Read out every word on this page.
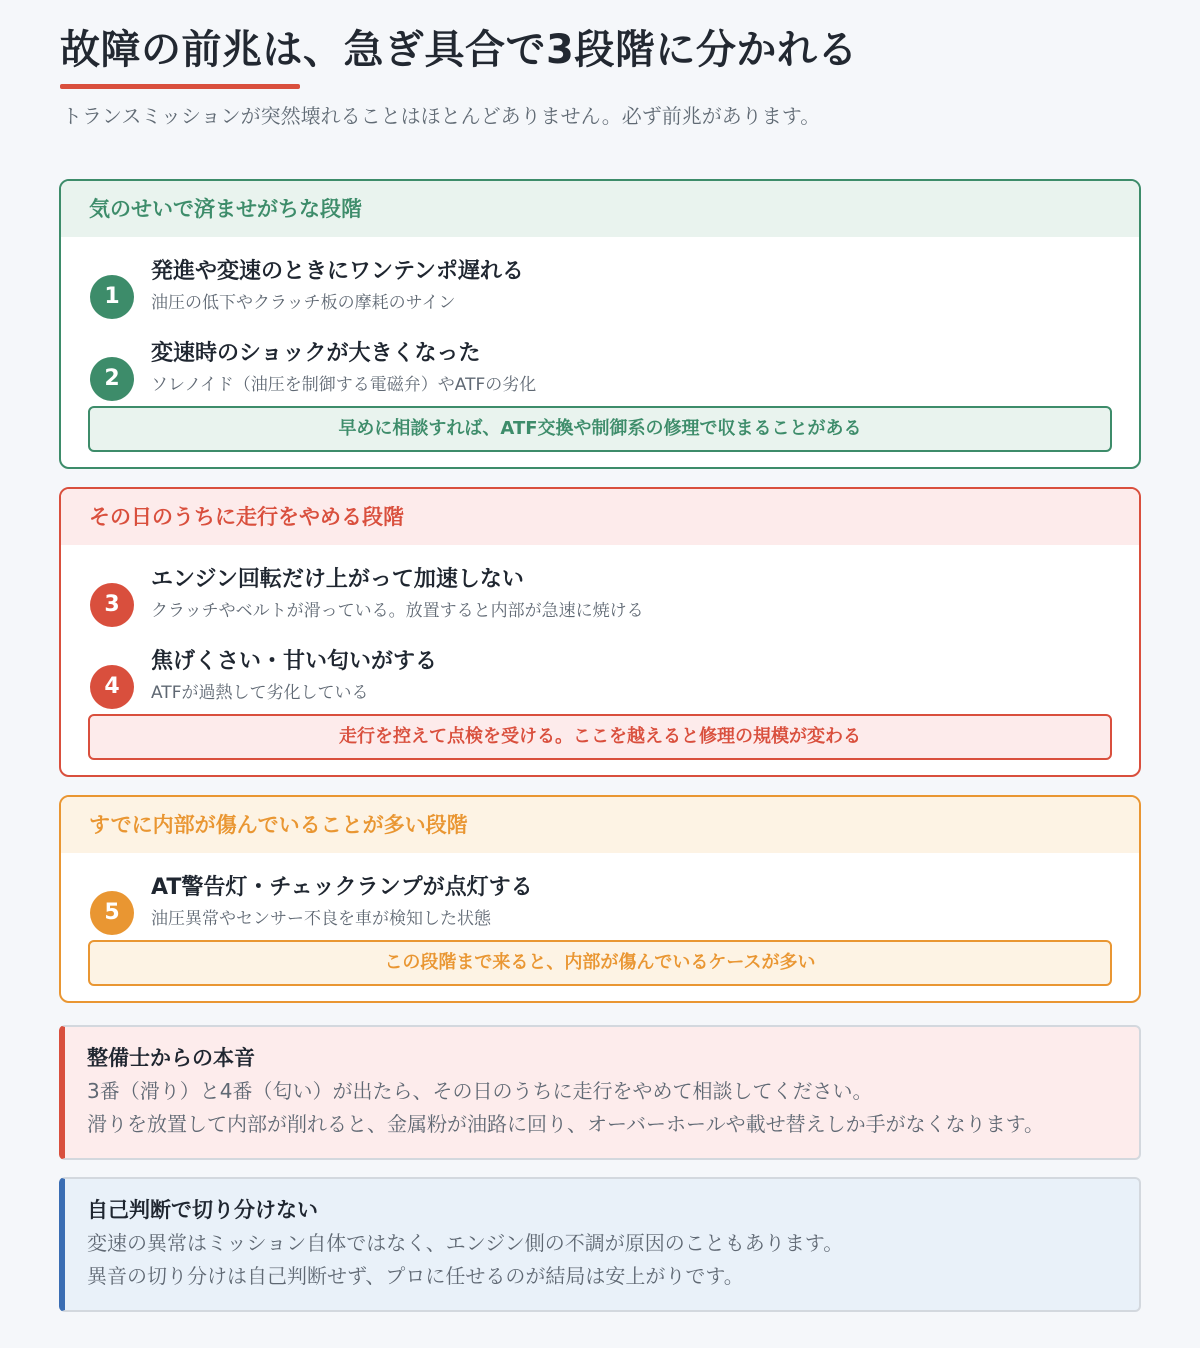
故障の前兆は、急ぎ具合で3段階に分かれる

トランスミッションが突然壊れることはほとんどありません。必ず前兆があります。

気のせいで済ませがちな段階
1
発進や変速のときにワンテンポ遅れる
油圧の低下やクラッチ板の摩耗のサイン
2
変速時のショックが大きくなった
ソレノイド（油圧を制御する電磁弁）やATFの劣化
早めに相談すれば、ATF交換や制御系の修理で収まることがある
その日のうちに走行をやめる段階
3
エンジン回転だけ上がって加速しない
クラッチやベルトが滑っている。放置すると内部が急速に焼ける
4
焦げくさい・甘い匂いがする
ATFが過熱して劣化している
走行を控えて点検を受ける。ここを越えると修理の規模が変わる
すでに内部が傷んでいることが多い段階
5
AT警告灯・チェックランプが点灯する
油圧異常やセンサー不良を車が検知した状態
この段階まで来ると、内部が傷んでいるケースが多い
整備士からの本音
3番（滑り）と4番（匂い）が出たら、その日のうちに走行をやめて相談してください。
滑りを放置して内部が削れると、金属粉が油路に回り、オーバーホールや載せ替えしか手がなくなります。
自己判断で切り分けない
変速の異常はミッション自体ではなく、エンジン側の不調が原因のこともあります。
異音の切り分けは自己判断せず、プロに任せるのが結局は安上がりです。
